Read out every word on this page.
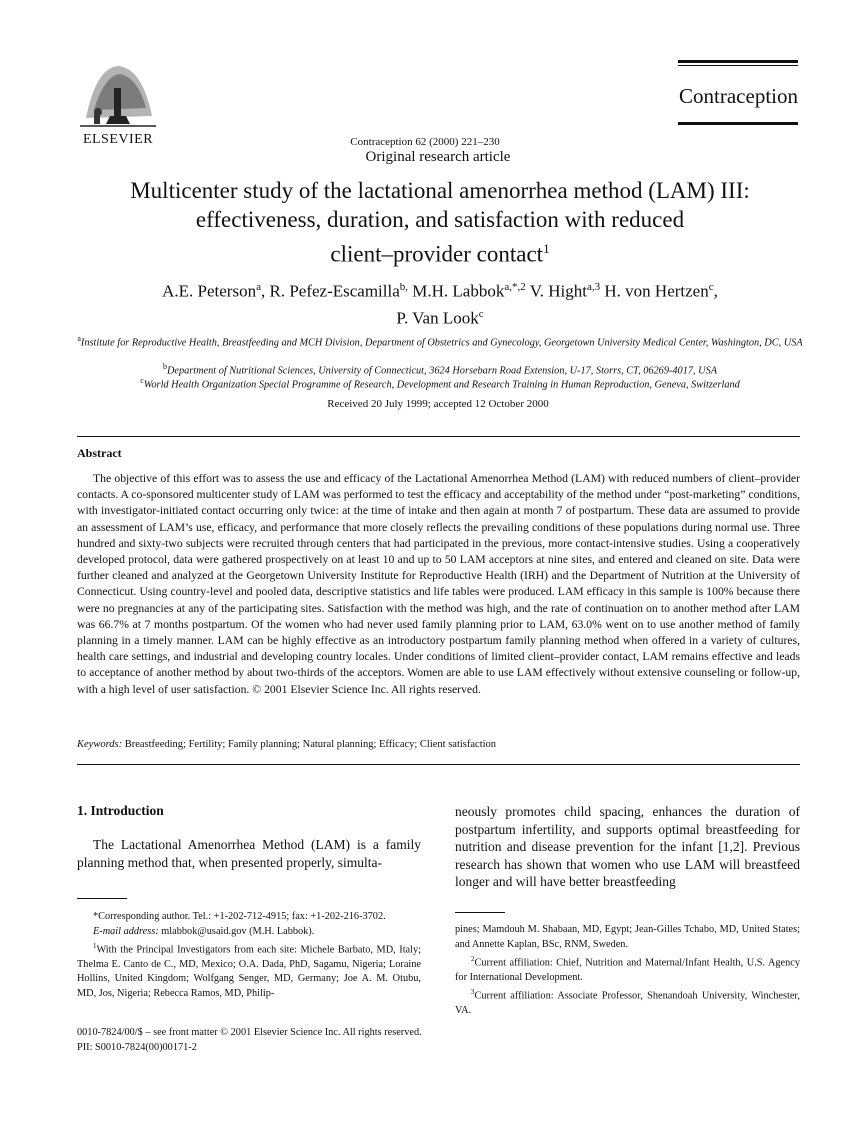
ELSEVIER
Contraception
Contraception 62 (2000) 221–230
Original research article
Multicenter study of the lactational amenorrhea method (LAM) III:
effectiveness, duration, and satisfaction with reduced
client–provider contact$^1$
A.E. Peterson$^a$, R. Pefez-Escamilla$^{b,}$ M.H. Labbok$^{a,*,2}$ V. Hight$^{a,3}$ H. von Hertzen$^c$,
P. Van Look$^c$
$^a$Institute for Reproductive Health, Breastfeeding and MCH Division, Department of Obstetrics and Gynecology, Georgetown University Medical Center, Washington, DC, USA
$^b$Department of Nutritional Sciences, University of Connecticut, 3624 Horsebarn Road Extension, U-17, Storrs, CT, 06269-4017, USA
$^c$World Health Organization Special Programme of Research, Development and Research Training in Human Reproduction, Geneva, Switzerland
Received 20 July 1999; accepted 12 October 2000
Abstract
The objective of this effort was to assess the use and efficacy of the Lactational Amenorrhea Method (LAM) with reduced numbers of client–provider contacts. A co-sponsored multicenter study of LAM was performed to test the efficacy and acceptability of the method under “post-marketing” conditions, with investigator-initiated contact occurring only twice: at the time of intake and then again at month 7 of postpartum. These data are assumed to provide an assessment of LAM’s use, efficacy, and performance that more closely reflects the prevailing conditions of these populations during normal use. Three hundred and sixty-two subjects were recruited through centers that had participated in the previous, more contact-intensive studies. Using a cooperatively developed protocol, data were gathered prospectively on at least 10 and up to 50 LAM acceptors at nine sites, and entered and cleaned on site. Data were further cleaned and analyzed at the Georgetown University Institute for Reproductive Health (IRH) and the Department of Nutrition at the University of Connecticut. Using country-level and pooled data, descriptive statistics and life tables were produced. LAM efficacy in this sample is 100% because there were no pregnancies at any of the participating sites. Satisfaction with the method was high, and the rate of continuation on to another method after LAM was 66.7% at 7 months postpartum. Of the women who had never used family planning prior to LAM, 63.0% went on to use another method of family planning in a timely manner. LAM can be highly effective as an introductory postpartum family planning method when offered in a variety of cultures, health care settings, and industrial and developing country locales. Under conditions of limited client–provider contact, LAM remains effective and leads to acceptance of another method by about two-thirds of the acceptors. Women are able to use LAM effectively without extensive counseling or follow-up, with a high level of user satisfaction. © 2001 Elsevier Science Inc. All rights reserved.
Keywords: Breastfeeding; Fertility; Family planning; Natural planning; Efficacy; Client satisfaction
1. Introduction
The Lactational Amenorrhea Method (LAM) is a family planning method that, when presented properly, simulta-
neously promotes child spacing, enhances the duration of postpartum infertility, and supports optimal breastfeeding for nutrition and disease prevention for the infant [1,2]. Previous research has shown that women who use LAM will breastfeed longer and will have better breastfeeding
*Corresponding author. Tel.: +1-202-712-4915; fax: +1-202-216-3702.
E-mail address: mlabbok@usaid.gov (M.H. Labbok).
$^1$With the Principal Investigators from each site: Michele Barbato, MD, Italy; Thelma E. Canto de C., MD, Mexico; O.A. Dada, PhD, Sagamu, Nigeria; Loraine Hollins, United Kingdom; Wolfgang Senger, MD, Germany; Joe A. M. Otubu, MD, Jos, Nigeria; Rebecca Ramos, MD, Philip-
pines; Mamdouh M. Shabaan, MD, Egypt; Jean-Gilles Tchabo, MD, United States; and Annette Kaplan, BSc, RNM, Sweden.
$^2$Current affiliation: Chief, Nutrition and Maternal/Infant Health, U.S. Agency for International Development.
$^3$Current affiliation: Associate Professor, Shenandoah University, Winchester, VA.
0010-7824/00/$ – see front matter © 2001 Elsevier Science Inc. All rights reserved.
PII: S0010-7824(00)00171-2
